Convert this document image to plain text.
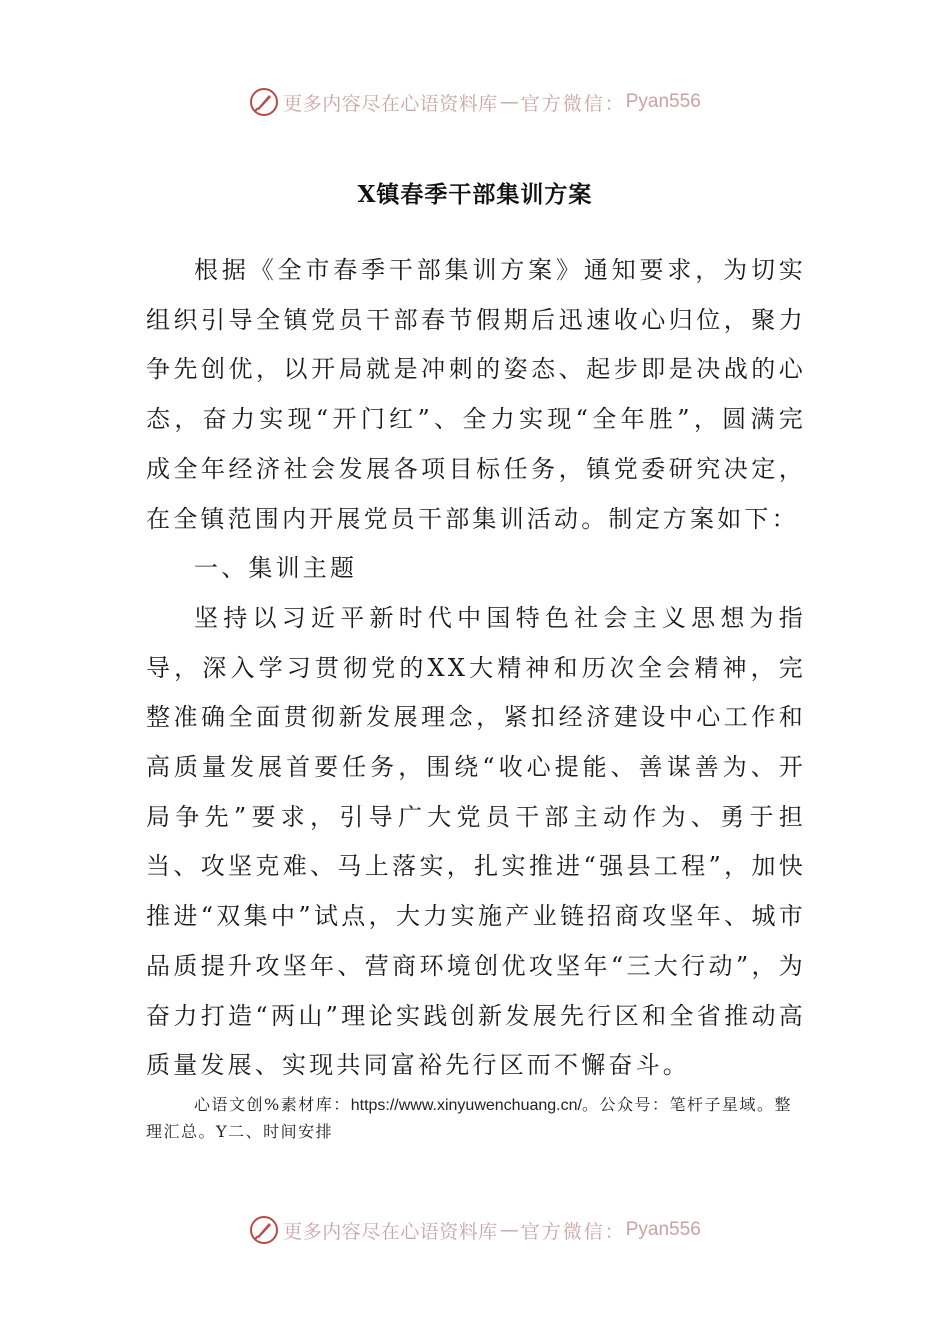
更多内容尽在心语资料库 — 官方微信： Pyan556
X镇春季干部集训方案

根据《全市春季干部集训方案》通知要求，为切实组织引导全镇党员干部春节假期后迅速收心归位，聚力争先创优，以开局就是冲刺的姿态、起步即是决战的心态，奋力实现“开门红”、全力实现“全年胜”，圆满完成全年经济社会发展各项目标任务，镇党委研究决定，在全镇范围内开展党员干部集训活动。制定方案如下：

一、集训主题

坚持以习近平新时代中国特色社会主义思想为指导，深入学习贯彻党的XX大精神和历次全会精神，完整准确全面贯彻新发展理念，紧扣经济建设中心工作和高质量发展首要任务，围绕“收心提能、善谋善为、开局争先”要求，引导广大党员干部主动作为、勇于担当、攻坚克难、马上落实，扎实推进“强县工程”，加快推进“双集中”试点，大力实施产业链招商攻坚年、城市品质提升攻坚年、营商环境创优攻坚年“三大行动”，为奋力打造“两山”理论实践创新发展先行区和全省推动高质量发展、实现共同富裕先行区而不懈奋斗。

心语文创%素材库：https://www.xinyuwenchuang.cn/。公众号：笔杆子星域。整理汇总。Y二、时间安排
更多内容尽在心语资料库 — 官方微信： Pyan556
